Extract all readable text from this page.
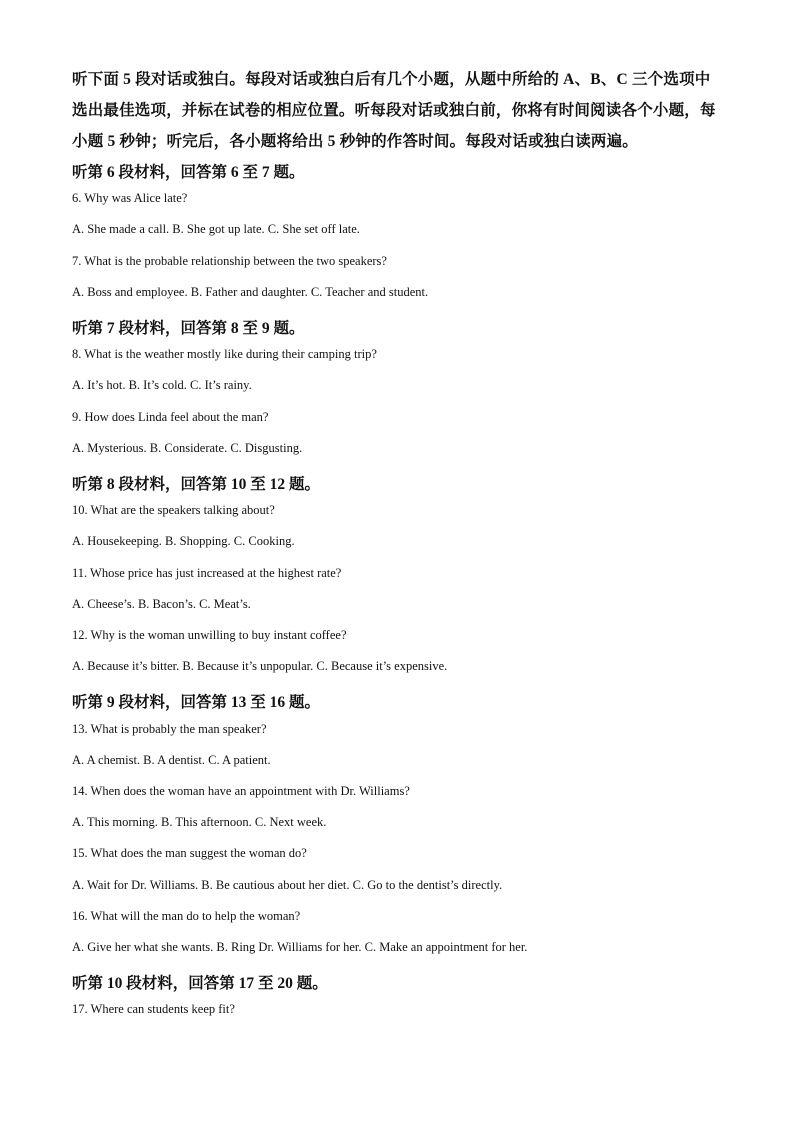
听下面 5 段对话或独白。每段对话或独白后有几个小题，从题中所给的 A、B、C 三个选项中选出最佳选项，并标在试卷的相应位置。听每段对话或独白前，你将有时间阅读各个小题，每小题 5 秒钟；听完后，各小题将给出 5 秒钟的作答时间。每段对话或独白读两遍。
听第 6 段材料，回答第 6 至 7 题。
6. Why was Alice late?
A. She made a call. B. She got up late. C. She set off late.
7. What is the probable relationship between the two speakers?
A. Boss and employee. B. Father and daughter. C. Teacher and student.
听第 7 段材料，回答第 8 至 9 题。
8. What is the weather mostly like during their camping trip?
A. It’s hot. B. It’s cold. C. It’s rainy.
9. How does Linda feel about the man?
A. Mysterious. B. Considerate. C. Disgusting.
听第 8 段材料，回答第 10 至 12 题。
10. What are the speakers talking about?
A. Housekeeping. B. Shopping. C. Cooking.
11. Whose price has just increased at the highest rate?
A. Cheese’s. B. Bacon’s. C. Meat’s.
12. Why is the woman unwilling to buy instant coffee?
A. Because it’s bitter. B. Because it’s unpopular. C. Because it’s expensive.
听第 9 段材料，回答第 13 至 16 题。
13. What is probably the man speaker?
A. A chemist. B. A dentist. C. A patient.
14. When does the woman have an appointment with Dr. Williams?
A. This morning. B. This afternoon. C. Next week.
15. What does the man suggest the woman do?
A. Wait for Dr. Williams. B. Be cautious about her diet. C. Go to the dentist’s directly.
16. What will the man do to help the woman?
A. Give her what she wants. B. Ring Dr. Williams for her. C. Make an appointment for her.
听第 10 段材料，回答第 17 至 20 题。
17. Where can students keep fit?
